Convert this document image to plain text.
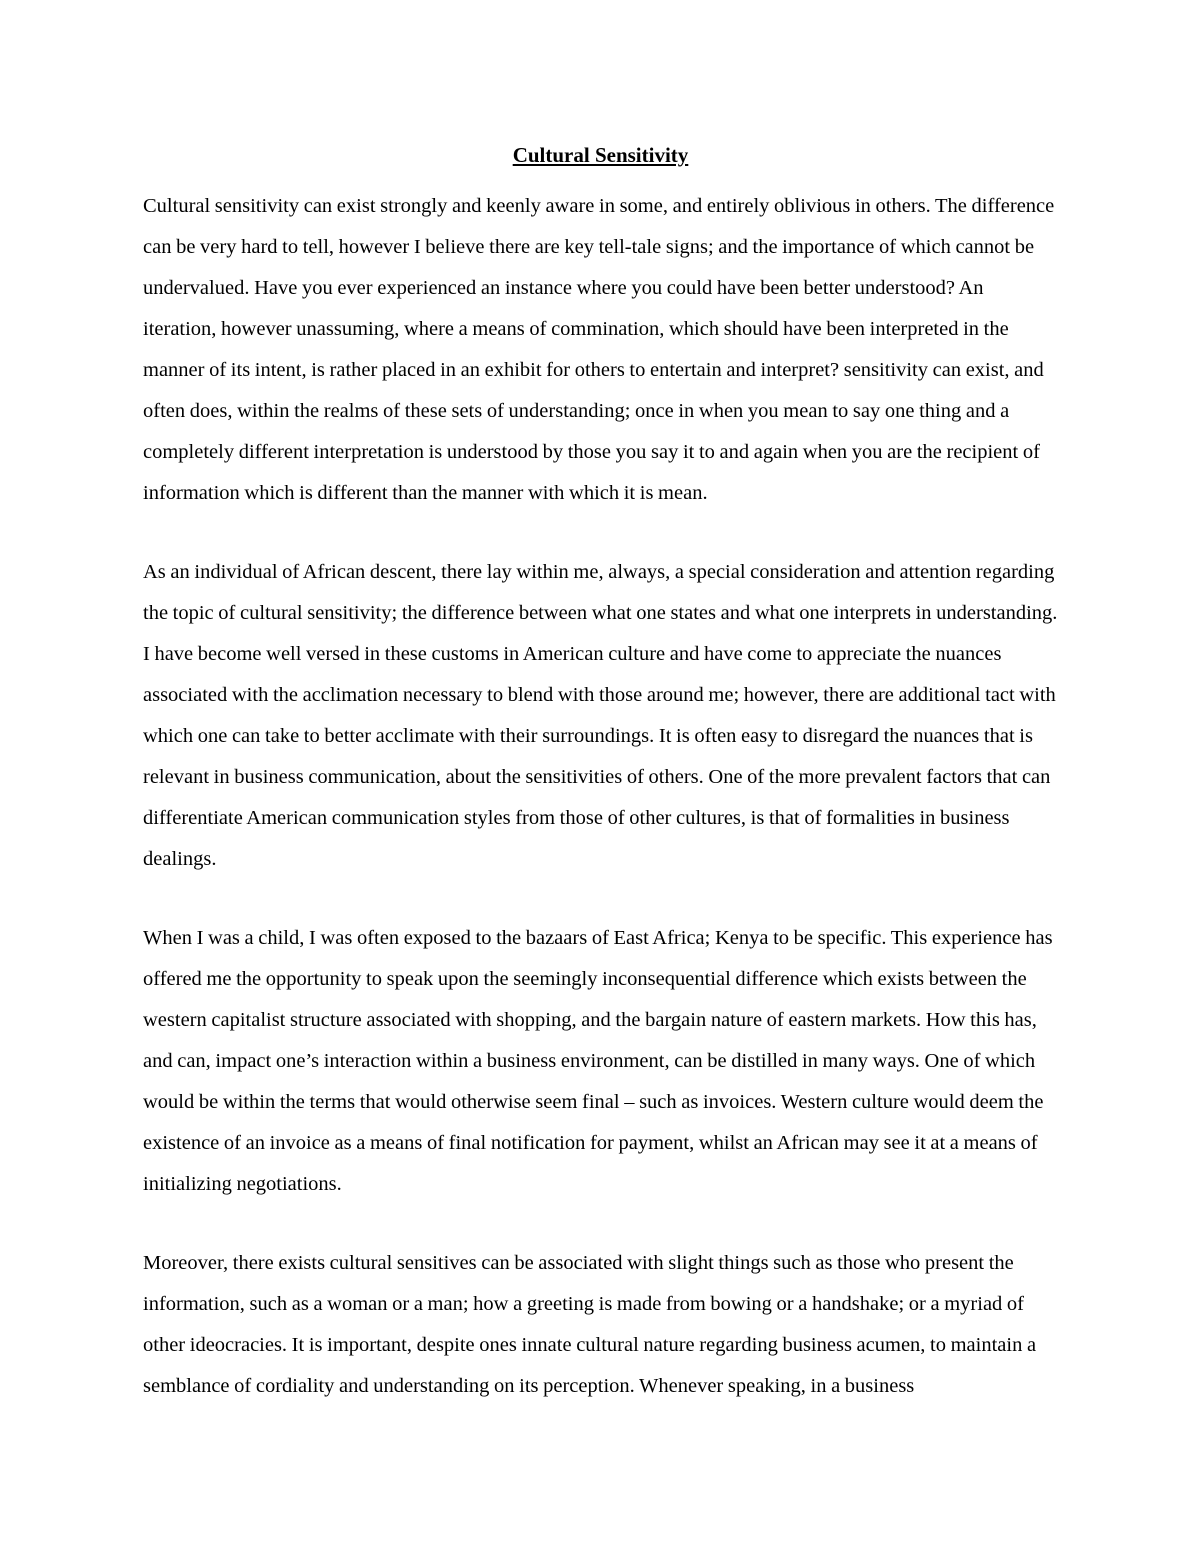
Cultural Sensitivity

Cultural sensitivity can exist strongly and keenly aware in some, and entirely oblivious in others. The difference can be very hard to tell, however I believe there are key tell-tale signs; and the importance of which cannot be undervalued. Have you ever experienced an instance where you could have been better understood? An iteration, however unassuming, where a means of commination, which should have been interpreted in the manner of its intent, is rather placed in an exhibit for others to entertain and interpret? sensitivity can exist, and often does, within the realms of these sets of understanding; once in when you mean to say one thing and a completely different interpretation is understood by those you say it to and again when you are the recipient of information which is different than the manner with which it is mean.

As an individual of African descent, there lay within me, always, a special consideration and attention regarding the topic of cultural sensitivity; the difference between what one states and what one interprets in understanding. I have become well versed in these customs in American culture and have come to appreciate the nuances associated with the acclimation necessary to blend with those around me; however, there are additional tact with which one can take to better acclimate with their surroundings. It is often easy to disregard the nuances that is relevant in business communication, about the sensitivities of others. One of the more prevalent factors that can differentiate American communication styles from those of other cultures, is that of formalities in business dealings.

When I was a child, I was often exposed to the bazaars of East Africa; Kenya to be specific. This experience has offered me the opportunity to speak upon the seemingly inconsequential difference which exists between the western capitalist structure associated with shopping, and the bargain nature of eastern markets. How this has, and can, impact one’s interaction within a business environment, can be distilled in many ways. One of which would be within the terms that would otherwise seem final – such as invoices. Western culture would deem the existence of an invoice as a means of final notification for payment, whilst an African may see it at a means of initializing negotiations.

Moreover, there exists cultural sensitives can be associated with slight things such as those who present the information, such as a woman or a man; how a greeting is made from bowing or a handshake; or a myriad of other ideocracies. It is important, despite ones innate cultural nature regarding business acumen, to maintain a semblance of cordiality and understanding on its perception. Whenever speaking, in a business
